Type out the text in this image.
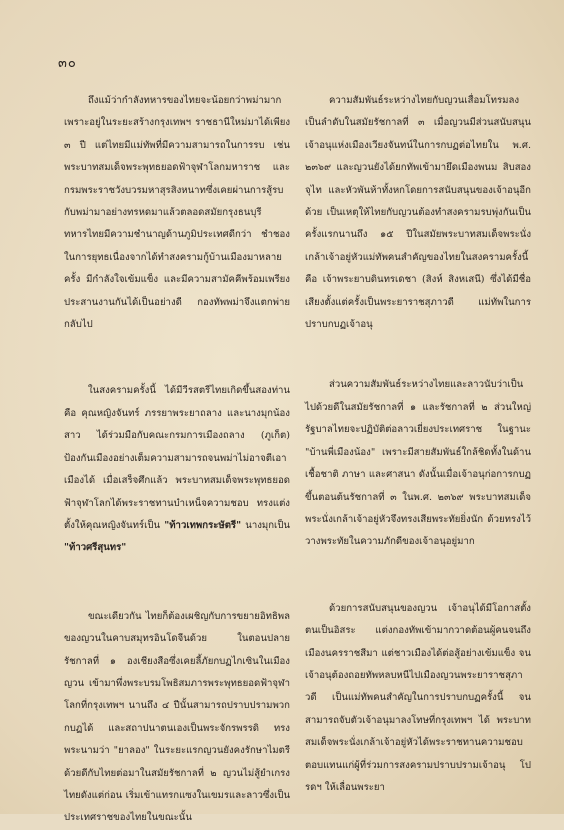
๓๐

ถึงแม้ว่ากำลังทหารของไทยจะน้อยกว่าพม่ามาก เพราะอยู่ในระยะสร้างกรุงเทพฯ ราชธานีใหม่มาได้เพียง ๓ ปี แต่ไทยมีแม่ทัพที่มีความสามารถในการรบ เช่น พระบาทสมเด็จพระพุทธยอดฟ้าจุฬาโลกมหาราช และกรมพระราชวังบวรมหาสุรสิงหนาทซึ่งเคยผ่านการสู้รบกับพม่ามาอย่างทรหดมาแล้วตลอดสมัยกรุงธนบุรี ทหารไทยมีความชำนาญด้านภูมิประเทศดีกว่า ชำชองในการยุทธเนื่องจากได้ทำสงครามกู้บ้านเมืองมาหลายครั้ง มีกำลังใจเข้มแข็ง และมีความสามัคคีพร้อมเพรียงประสานงานกันได้เป็นอย่างดี กองทัพพม่าจึงแตกพ่ายกลับไป

ในสงครามครั้งนี้ ได้มีวีรสตรีไทยเกิดขึ้นสองท่าน คือ คุณหญิงจันทร์ ภรรยาพระยาถลาง และนางมุกน้องสาว ได้ร่วมมือกับคณะกรมการเมืองถลาง (ภูเก็ต) ป้องกันเมืองอย่างเต็มความสามารถจนพม่าไม่อาจตีเอาเมืองได้ เมื่อเสร็จศึกแล้ว พระบาทสมเด็จพระพุทธยอดฟ้าจุฬาโลกได้พระราชทานบำเหน็จความชอบ ทรงแต่งตั้งให้คุณหญิงจันทร์เป็น "ท้าวเทพกระษัตรี" นางมุกเป็น "ท้าวศรีสุนทร"

ขณะเดียวกัน ไทยก็ต้องเผชิญกับการขยายอิทธิพลของญวนในคาบสมุทรอินโดจีนด้วย ในตอนปลายรัชกาลที่ ๑ องเชียงสือซึ่งเคยลี้ภัยกบฏไกเซินในเมืองญวน เข้ามาพึ่งพระบรมโพธิสมภารพระพุทธยอดฟ้าจุฬาโลกที่กรุงเทพฯ นานถึง ๔ ปีนั้นสามารถปราบปรามพวกกบฏได้ และสถาปนาตนเองเป็นพระจักรพรรดิ ทรงพระนามว่า "ยาลอง" ในระยะแรกญวนยังคงรักษาไมตรีด้วยดีกับไทยต่อมาในสมัยรัชกาลที่ ๒ ญวนไม่สู้ยำเกรงไทยดังแต่ก่อน เริ่มเข้าแทรกแซงในเขมรและลาวซึ่งเป็นประเทศราชของไทยในขณะนั้น

ความสัมพันธ์ระหว่างไทยกับญวนเสื่อมโทรมลงเป็นลำดับในสมัยรัชกาลที่ ๓ เมื่อญวนมีส่วนสนับสนุนเจ้าอนุแห่งเมืองเวียงจันทน์ในการกบฏต่อไทยใน พ.ศ. ๒๓๖๙ และญวนยังได้ยกทัพเข้ามายึดเมืองพนม สิบสองจุไท และหัวพันห้าทั้งหกโดยการสนับสนุนของเจ้าอนุอีกด้วย เป็นเหตุให้ไทยกับญวนต้องทำสงครามรบพุ่งกันเป็นครั้งแรกนานถึง ๑๕ ปีในสมัยพระบาทสมเด็จพระนั่งเกล้าเจ้าอยู่หัวแม่ทัพคนสำคัญของไทยในสงครามครั้งนี้คือ เจ้าพระยาบดินทรเดชา (สิงห์ สิงหเสนี) ซึ่งได้มีชื่อเสียงตั้งแต่ครั้งเป็นพระยาราชสุภาวดี แม่ทัพในการปราบกบฏเจ้าอนุ

ส่วนความสัมพันธ์ระหว่างไทยและลาวนับว่าเป็นไปด้วยดีในสมัยรัชกาลที่ ๑ และรัชกาลที่ ๒ ส่วนใหญ่รัฐบาลไทยจะปฏิบัติต่อลาวเยี่ยงประเทศราช ในฐานะ "บ้านพี่เมืองน้อง" เพราะมีสายสัมพันธ์ใกล้ชิดทั้งในด้านเชื้อชาติ ภาษา และศาสนา ดังนั้นเมื่อเจ้าอนุก่อการกบฏขึ้นตอนต้นรัชกาลที่ ๓ ในพ.ศ. ๒๓๖๙ พระบาทสมเด็จพระนั่งเกล้าเจ้าอยู่หัวจึงทรงเสียพระทัยยิ่งนัก ด้วยทรงไว้วางพระทัยในความภักดีของเจ้าอนุอยู่มาก

ด้วยการสนับสนุนของญวน เจ้าอนุได้มีโอกาสตั้งตนเป็นอิสระ แต่งกองทัพเข้ามากวาดต้อนผู้คนจนถึงเมืองนครราชสีมา แต่ชาวเมืองได้ต่อสู้อย่างเข้มแข็ง จนเจ้าอนุต้องถอยทัพหลบหนีไปเมืองญวนพระยาราชสุภาวดี เป็นแม่ทัพคนสำคัญในการปราบกบฏครั้งนี้ จนสามารถจับตัวเจ้าอนุมาลงโทษที่กรุงเทพฯ ได้ พระบาทสมเด็จพระนั่งเกล้าเจ้าอยู่หัวได้พระราชทานความชอบตอบแทนแก่ผู้ที่ร่วมการสงครามปราบปรามเจ้าอนุ โปรดฯ ให้เลื่อนพระยา
